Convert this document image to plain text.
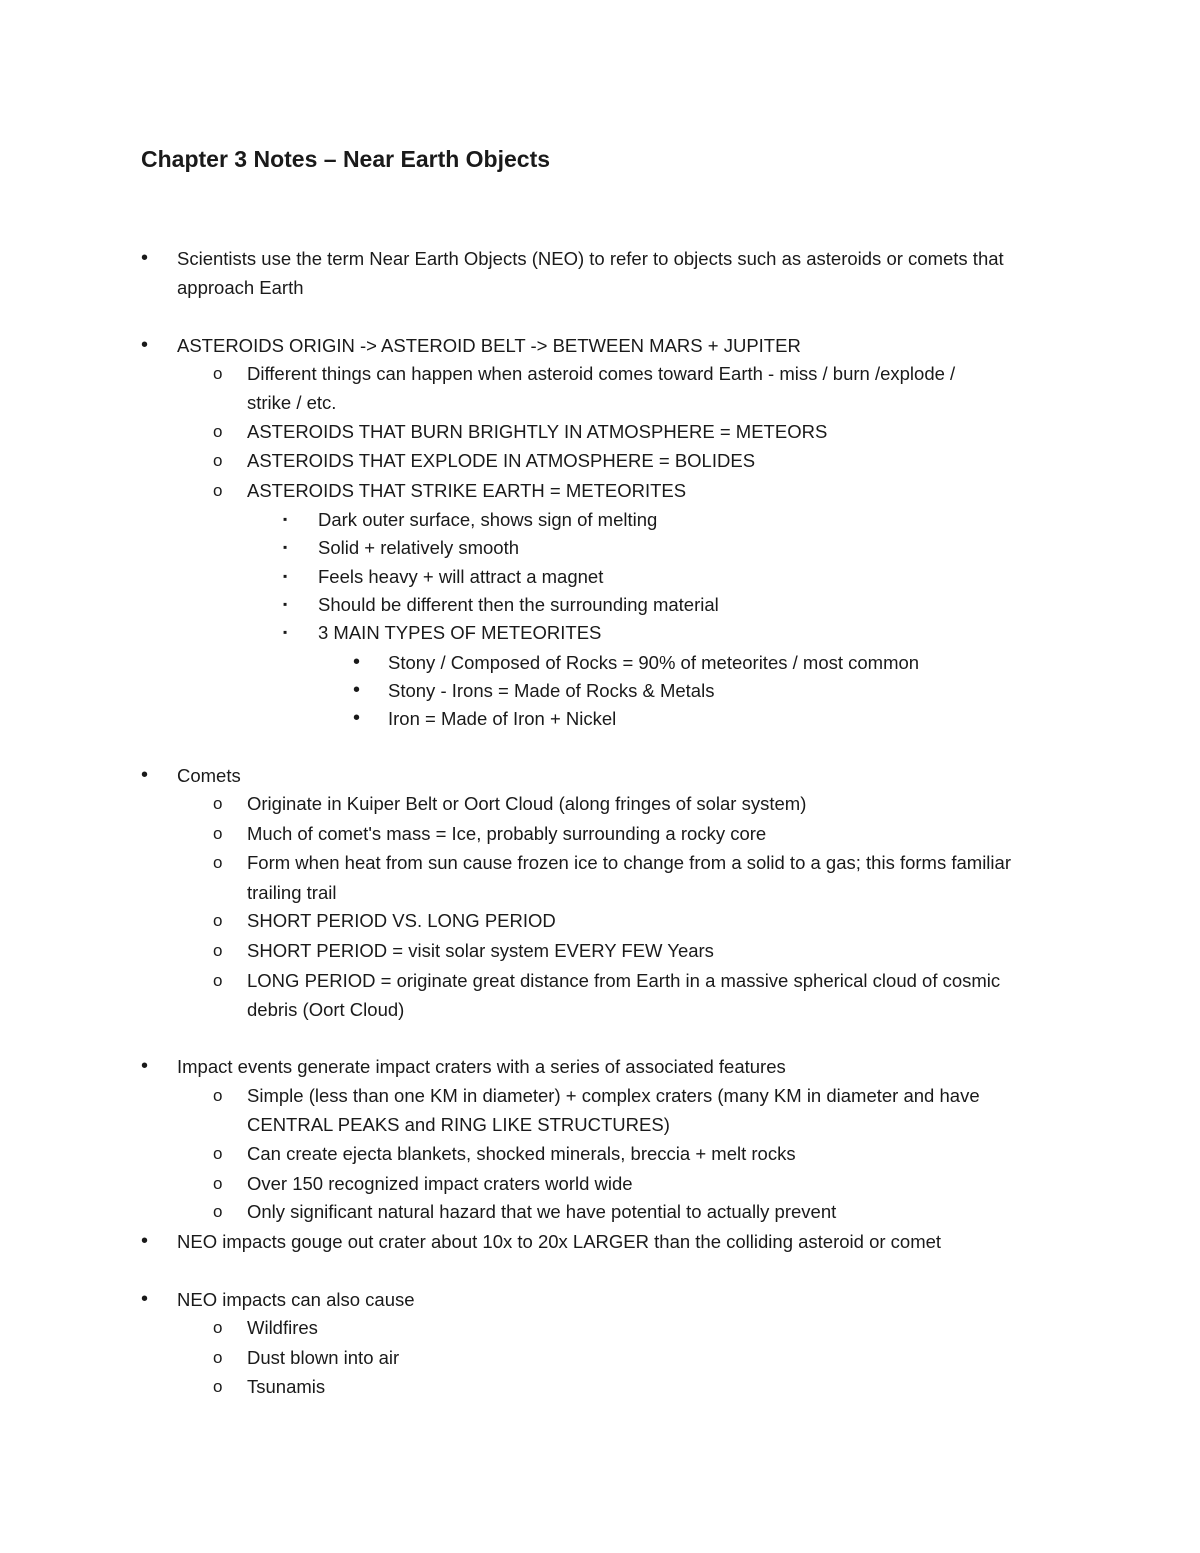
Chapter 3 Notes – Near Earth Objects
• Scientists use the term Near Earth Objects (NEO) to refer to objects such as asteroids or comets that
approach Earth
• ASTEROIDS ORIGIN -> ASTEROID BELT -> BETWEEN MARS + JUPITER
o Different things can happen when asteroid comes toward Earth - miss / burn /explode /
strike / etc.
o ASTEROIDS THAT BURN BRIGHTLY IN ATMOSPHERE = METEORS
o ASTEROIDS THAT EXPLODE IN ATMOSPHERE = BOLIDES
o ASTEROIDS THAT STRIKE EARTH = METEORITES
▪ Dark outer surface, shows sign of melting
▪ Solid + relatively smooth
▪ Feels heavy + will attract a magnet
▪ Should be different then the surrounding material
▪ 3 MAIN TYPES OF METEORITES
• Stony / Composed of Rocks = 90% of meteorites / most common
• Stony - Irons = Made of Rocks & Metals
• Iron = Made of Iron + Nickel
• Comets
o Originate in Kuiper Belt or Oort Cloud (along fringes of solar system)
o Much of comet's mass = Ice, probably surrounding a rocky core
o Form when heat from sun cause frozen ice to change from a solid to a gas; this forms familiar
trailing trail
o SHORT PERIOD VS. LONG PERIOD
o SHORT PERIOD = visit solar system EVERY FEW Years
o LONG PERIOD = originate great distance from Earth in a massive spherical cloud of cosmic
debris (Oort Cloud)
• Impact events generate impact craters with a series of associated features
o Simple (less than one KM in diameter) + complex craters (many KM in diameter and have
CENTRAL PEAKS and RING LIKE STRUCTURES)
o Can create ejecta blankets, shocked minerals, breccia + melt rocks
o Over 150 recognized impact craters world wide
o Only significant natural hazard that we have potential to actually prevent
• NEO impacts gouge out crater about 10x to 20x LARGER than the colliding asteroid or comet
• NEO impacts can also cause
o Wildfires
o Dust blown into air
o Tsunamis
